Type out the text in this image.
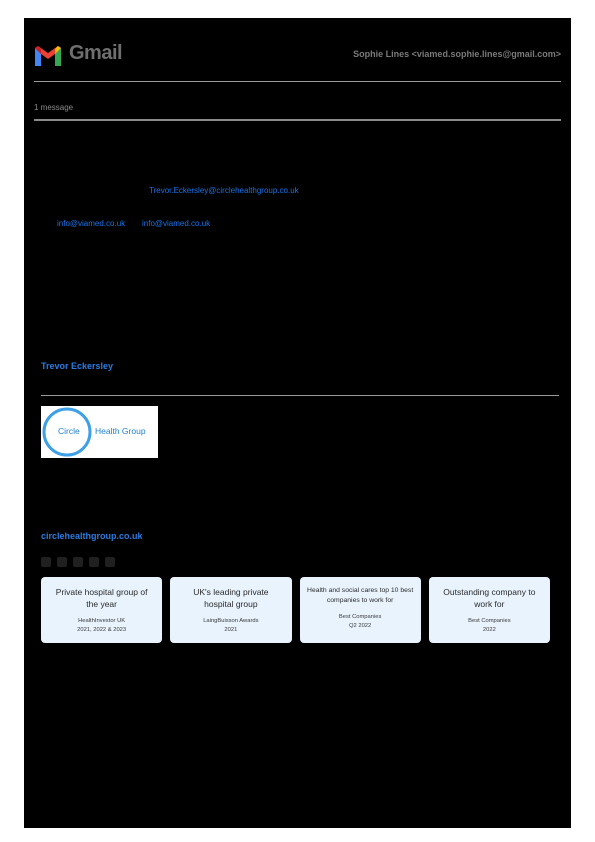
Gmail	Sophie Lines <viamed.sophie.lines@gmail.com>
1 message
Trevor.Eckersley@circlehealthgroup.co.uk
info@viamed.co.uk info@viamed.co.uk
Trevor Eckersley
Circle Health Group
circlehealthgroup.co.uk
Private hospital group of the year
HealthInvestor UK
2021, 2022 & 2023
UK's leading private hospital group
LaingBuisson Awards
2021
Health and social cares top 10 best companies to work for
Best Companies
Q2 2022
Outstanding company to work for
Best Companies
2022
